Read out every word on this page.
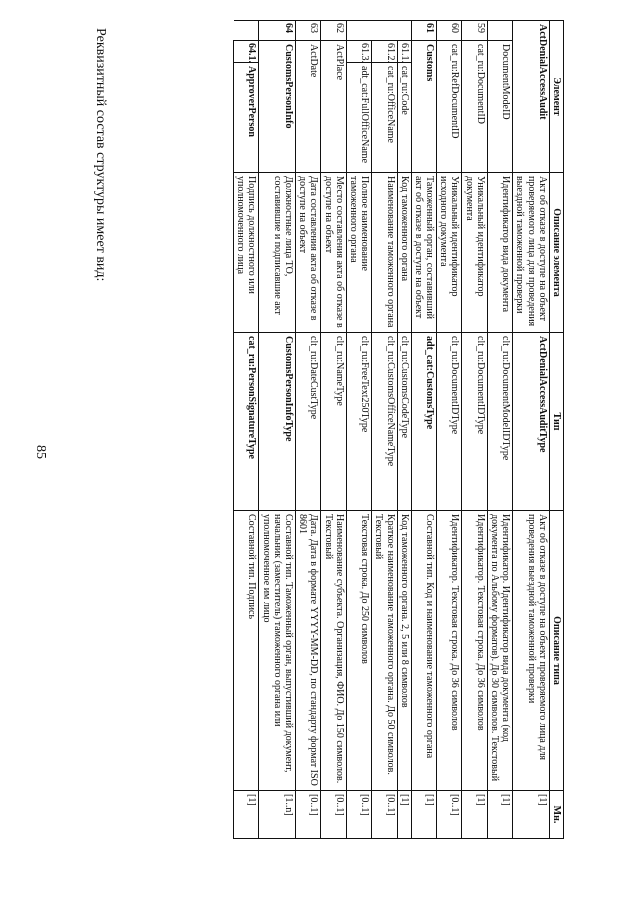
85
Реквизитный состав структуры имеет вид:	Элемент			Описание элемента	Тип	Описание типа	Мн.
ActDenialAccessAudit			Акт об отказе в доступе на объект проверяемого лица для проведения выездной таможенной проверки	ActDenialAccessAuditType	Акт об отказе в доступе на объект проверяемого лица для проведения выездной таможенной проверки	[1]
	DocumentModeID		Идентификатор вида документа	clt_ru:DocumentModelIDType	Идентификатор. Идентификатор вида документа (код документа по Альбому форматов). До 30 символов. Текстовый	[1]
59	cat_ru:DocumentID		Уникальный идентификатор документа	clt_ru:DocumentIDType	Идентификатор. Текстовая строка. До 36 символов	[1]
60	cat_ru:RefDocumentID		Уникальный идентификатор исходного документа	clt_ru:DocumentIDType	Идентификатор. Текстовая строка. До 36 символов	[0..1]
61	Customs		Таможенный орган, составивший акт об отказе в доступе на объект	adt_cat:CustomsType	Составной тип. Код и наименование таможенного органа	[1]
	61.1.	cat_ru:Code	Код таможенного органа	clt_ru:CustomsCodeType	Код таможенного органа. 2, 5 или 8 символов	[1]
	61.2.	cat_ru:OfficeName	Наименование таможенного органа	clt_ru:CustomsOfficeNameType	Краткое наименование таможенного органа. До 50 символов. Текстовый	[0..1]
	61.3.	adt_cat:FullOfficeName	Полное наименование таможенного органа	clt_ru:FreeText250Type	Текстовая строка. До 250 символов	[0..1]
62	ActPlace		Место составления акта об отказе в доступе на объект	clt_ru:NameType	Наименование субъекта. Организация, ФИО. До 150 символов. Текстовый	[0..1]
63	ActDate		Дата составления акта об отказе в доступе на объект	clt_ru:DateCustType	Дата. Дата в формате YYYY-MM-DD, по стандарту формат ISO 8601	[0..1]
64	CustomsPersonInfo		Должностные лица ТО, составившие и подписавшие акт	CustomsPersonInfoType	Составной тип. Таможенный орган, выпустивший документ, начальник (заместитель) таможенного органа или уполномоченное им лицо	[1..n]
	64.1.	ApproverPerson	Подпись должностного или уполномоченного лица	cat_ru:PersonSignatureType	Составной тип. Подпись	[1]
